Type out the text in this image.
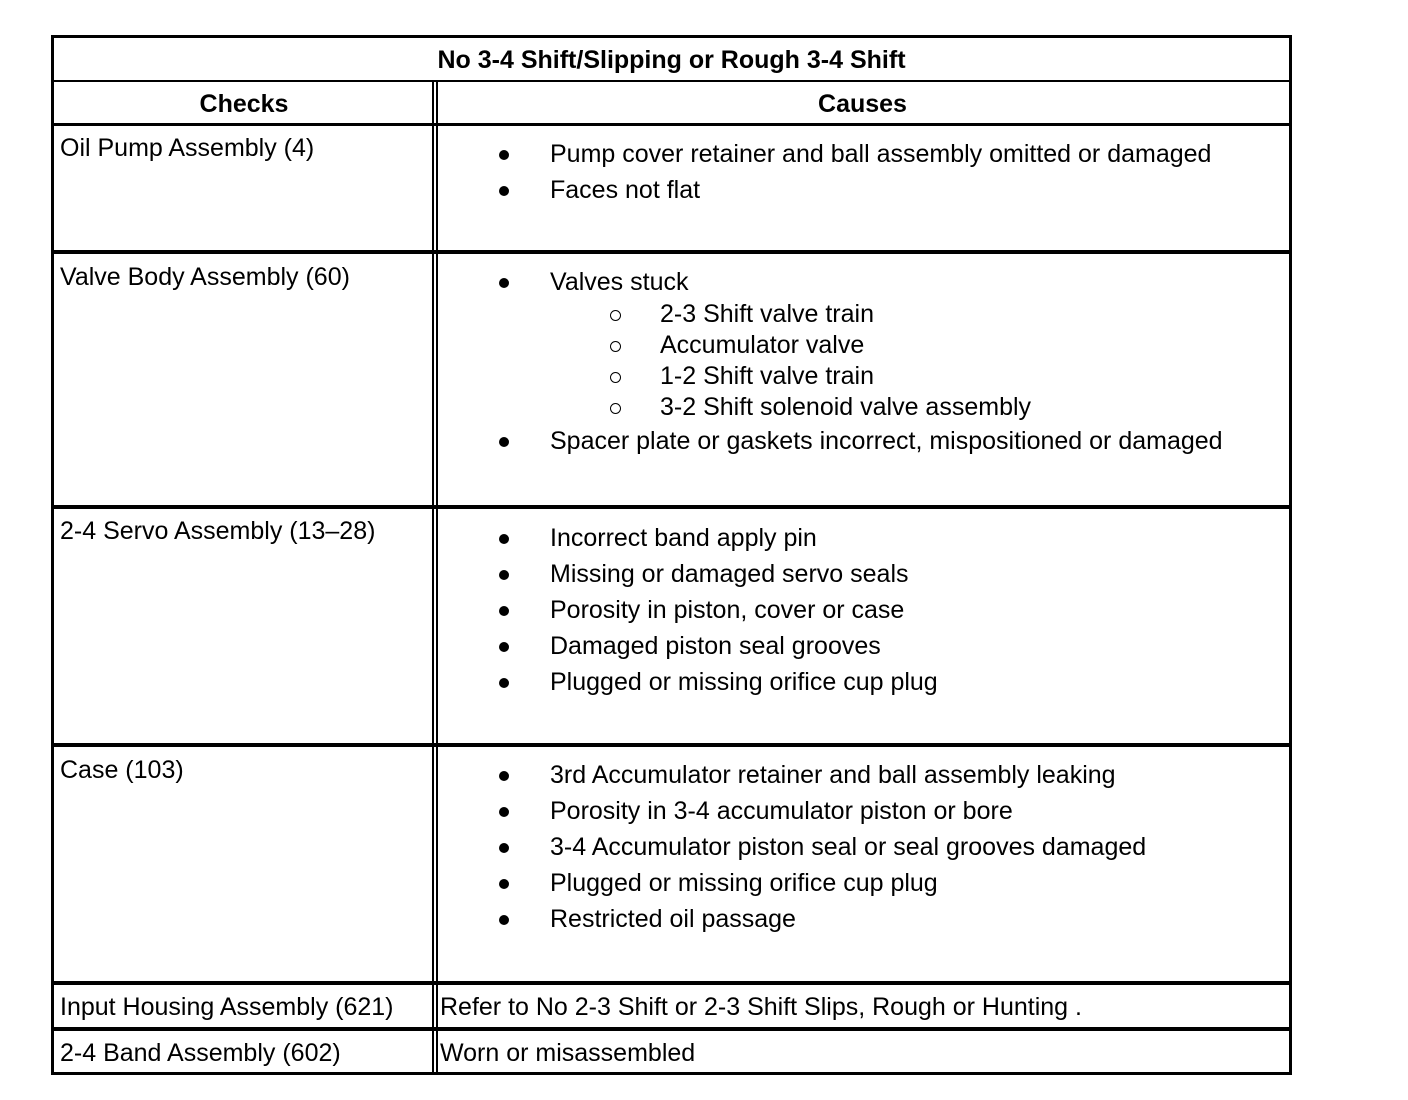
No 3-4 Shift/Slipping or Rough 3-4 Shift
Checks	Causes
Oil Pump Assembly (4)	Pump cover retainer and ball assembly omitted or damaged
Faces not flat
Valve Body Assembly (60)	Valves stuck
2-3 Shift valve train
Accumulator valve
1-2 Shift valve train
3-2 Shift solenoid valve assembly
Spacer plate or gaskets incorrect, mispositioned or damaged
2-4 Servo Assembly (13–28)	Incorrect band apply pin
Missing or damaged servo seals
Porosity in piston, cover or case
Damaged piston seal grooves
Plugged or missing orifice cup plug
Case (103)	3rd Accumulator retainer and ball assembly leaking
Porosity in 3-4 accumulator piston or bore
3-4 Accumulator piston seal or seal grooves damaged
Plugged or missing orifice cup plug
Restricted oil passage
Input Housing Assembly (621) Refer to No 2-3 Shift or 2-3 Shift Slips, Rough or Hunting .
2-4 Band Assembly (602)	Worn or misassembled
